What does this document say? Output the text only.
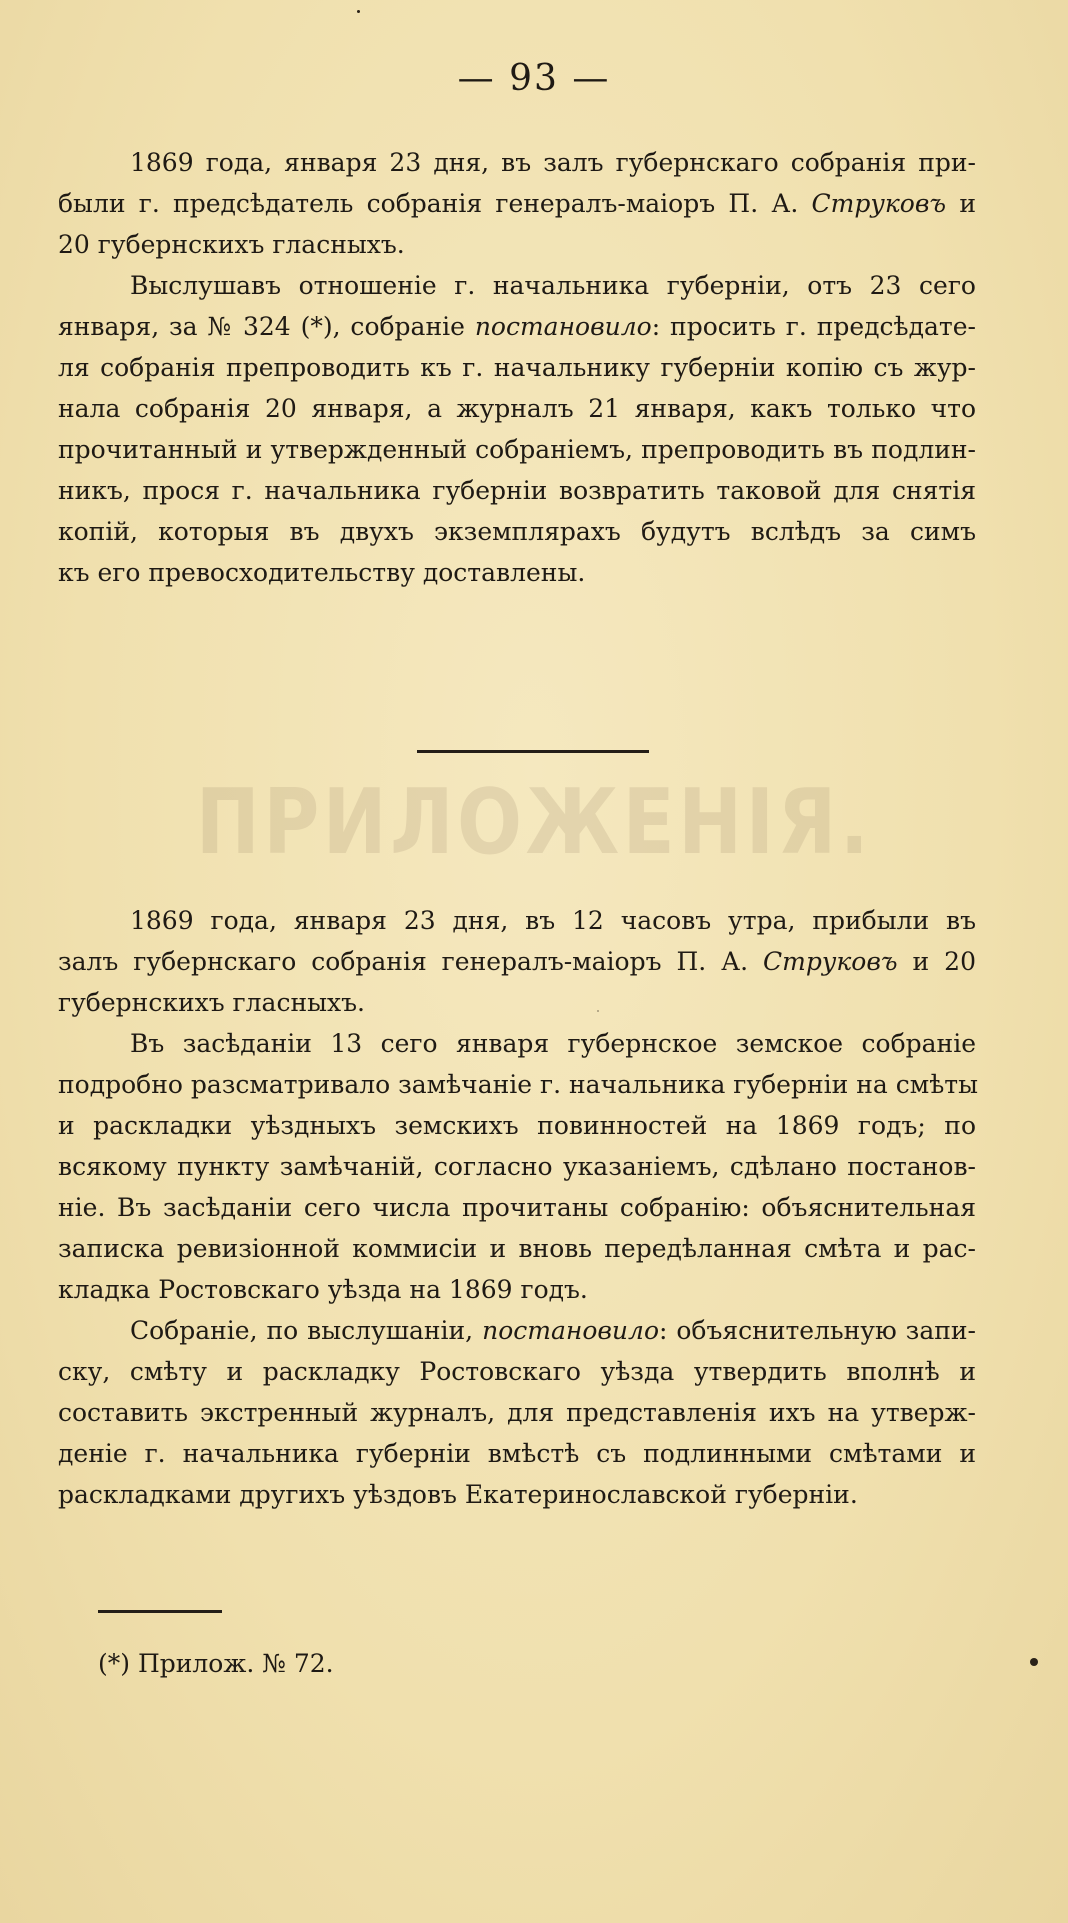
— 93 —

1869 года, января 23 дня, въ залъ губернскаго собранія при-
были г. предсѣдатель собранія генералъ-маіоръ П. А. Струковъ и
20 губернскихъ гласныхъ.

Выслушавъ отношеніе г. начальника губерніи, отъ 23 сего
января, за № 324 (*), собраніе постановило: просить г. предсѣдате-
ля собранія препроводить къ г. начальнику губерніи копію съ жур-
нала собранія 20 января, а журналъ 21 января, какъ только что
прочитанный и утвержденный собраніемъ, препроводить въ подлин-
никъ, прося г. начальника губерніи возвратить таковой для снятія
копій, которыя въ двухъ экземплярахъ будутъ вслѣдъ за симъ
къ его превосходительству доставлены.

ПРИЛОЖЕНІЯ.

1869 года, января 23 дня, въ 12 часовъ утра, прибыли въ
залъ губернскаго собранія генералъ-маіоръ П. А. Струковъ и 20
губернскихъ гласныхъ.

Въ засѣданіи 13 сего января губернское земское собраніе
подробно разсматривало замѣчаніе г. начальника губерніи на смѣты
и раскладки уѣздныхъ земскихъ повинностей на 1869 годъ; по
всякому пункту замѣчаній, согласно указаніемъ, сдѣлано постанов-
ніе. Въ засѣданіи сего числа прочитаны собранію: объяснительная
записка ревизіонной коммисіи и вновь передѣланная смѣта и рас-
кладка Ростовскаго уѣзда на 1869 годъ.

Собраніе, по выслушаніи, постановило: объяснительную запи-
ску, смѣту и раскладку Ростовскаго уѣзда утвердить вполнѣ и
составить экстренный журналъ, для представленія ихъ на утверж-
деніе г. начальника губерніи вмѣстѣ съ подлинными смѣтами и
раскладками другихъ уѣздовъ Екатеринославской губерніи.

(*) Прилож. № 72.
